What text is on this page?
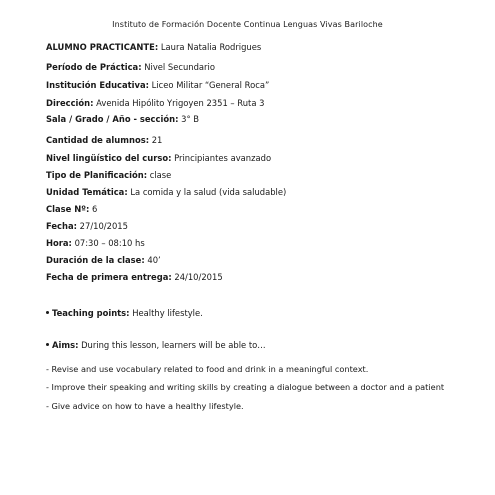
Instituto de Formación Docente Continua Lenguas Vivas Bariloche
ALUMNO PRACTICANTE: Laura Natalia Rodrigues
Período de Práctica: Nivel Secundario
Institución Educativa: Liceo Militar “General Roca”
Dirección: Avenida Hipólito Yrigoyen 2351 – Ruta 3
Sala / Grado / Año - sección: 3° B
Cantidad de alumnos: 21
Nivel lingüístico del curso: Principiantes avanzado
Tipo de Planificación: clase
Unidad Temática: La comida y la salud (vida saludable)
Clase Nº: 6
Fecha: 27/10/2015
Hora: 07:30 – 08:10 hs
Duración de la clase: 40’
Fecha de primera entrega: 24/10/2015
Teaching points: Healthy lifestyle.
Aims: During this lesson, learners will be able to…
- Revise and use vocabulary related to food and drink in a meaningful context.
- Improve their speaking and writing skills by creating a dialogue between a doctor and a patient
- Give advice on how to have a healthy lifestyle.
